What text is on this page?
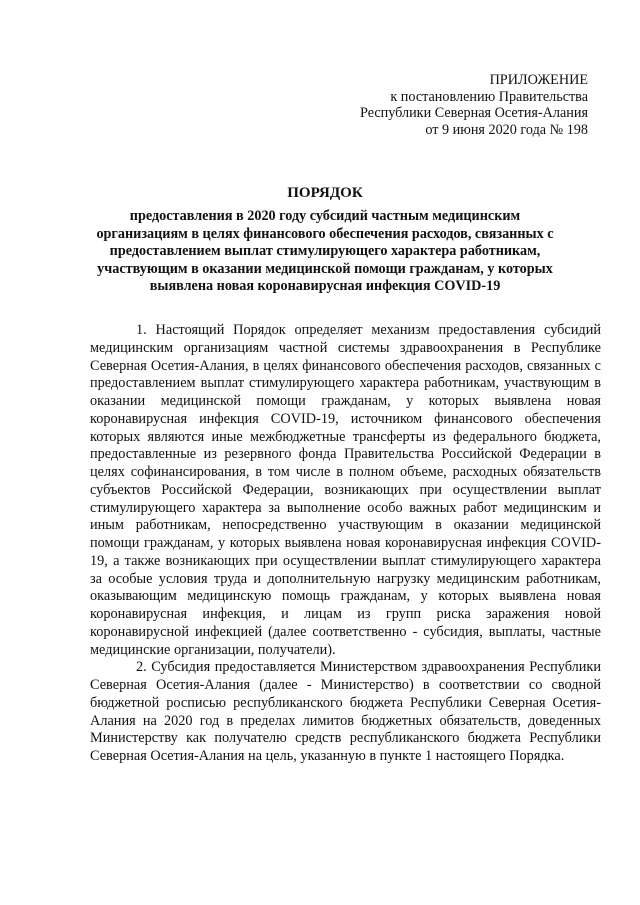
ПРИЛОЖЕНИЕ
к постановлению Правительства
Республики Северная Осетия-Алания
от 9 июня 2020 года № 198
ПОРЯДОК
предоставления в 2020 году субсидий частным медицинским организациям в целях финансового обеспечения расходов, связанных с предоставлением выплат стимулирующего характера работникам, участвующим в оказании медицинской помощи гражданам, у которых выявлена новая коронавирусная инфекция COVID-19

1. Настоящий Порядок определяет механизм предоставления субсидий медицинским организациям частной системы здравоохранения в Республике Северная Осетия-Алания, в целях финансового обеспечения расходов, связанных с предоставлением выплат стимулирующего характера работникам, участвующим в оказании медицинской помощи гражданам, у которых выявлена новая коронавирусная инфекция COVID-19, источником финансового обеспечения которых являются иные межбюджетные трансферты из федерального бюджета, предоставленные из резервного фонда Правительства Российской Федерации в целях софинансирования, в том числе в полном объеме, расходных обязательств субъектов Российской Федерации, возникающих при осуществлении выплат стимулирующего характера за выполнение особо важных работ медицинским и иным работникам, непосредственно участвующим в оказании медицинской помощи гражданам, у которых выявлена новая коронавирусная инфекция COVID-19, а также возникающих при осуществлении выплат стимулирующего характера за особые условия труда и дополнительную нагрузку медицинским работникам, оказывающим медицинскую помощь гражданам, у которых выявлена новая коронавирусная инфекция, и лицам из групп риска заражения новой коронавирусной инфекцией (далее соответственно - субсидия, выплаты, частные медицинские организации, получатели).

2. Субсидия предоставляется Министерством здравоохранения Республики Северная Осетия-Алания (далее - Министерство) в соответствии со сводной бюджетной росписью республиканского бюджета Республики Северная Осетия-Алания на 2020 год в пределах лимитов бюджетных обязательств, доведенных Министерству как получателю средств республиканского бюджета Республики Северная Осетия-Алания на цель, указанную в пункте 1 настоящего Порядка.
